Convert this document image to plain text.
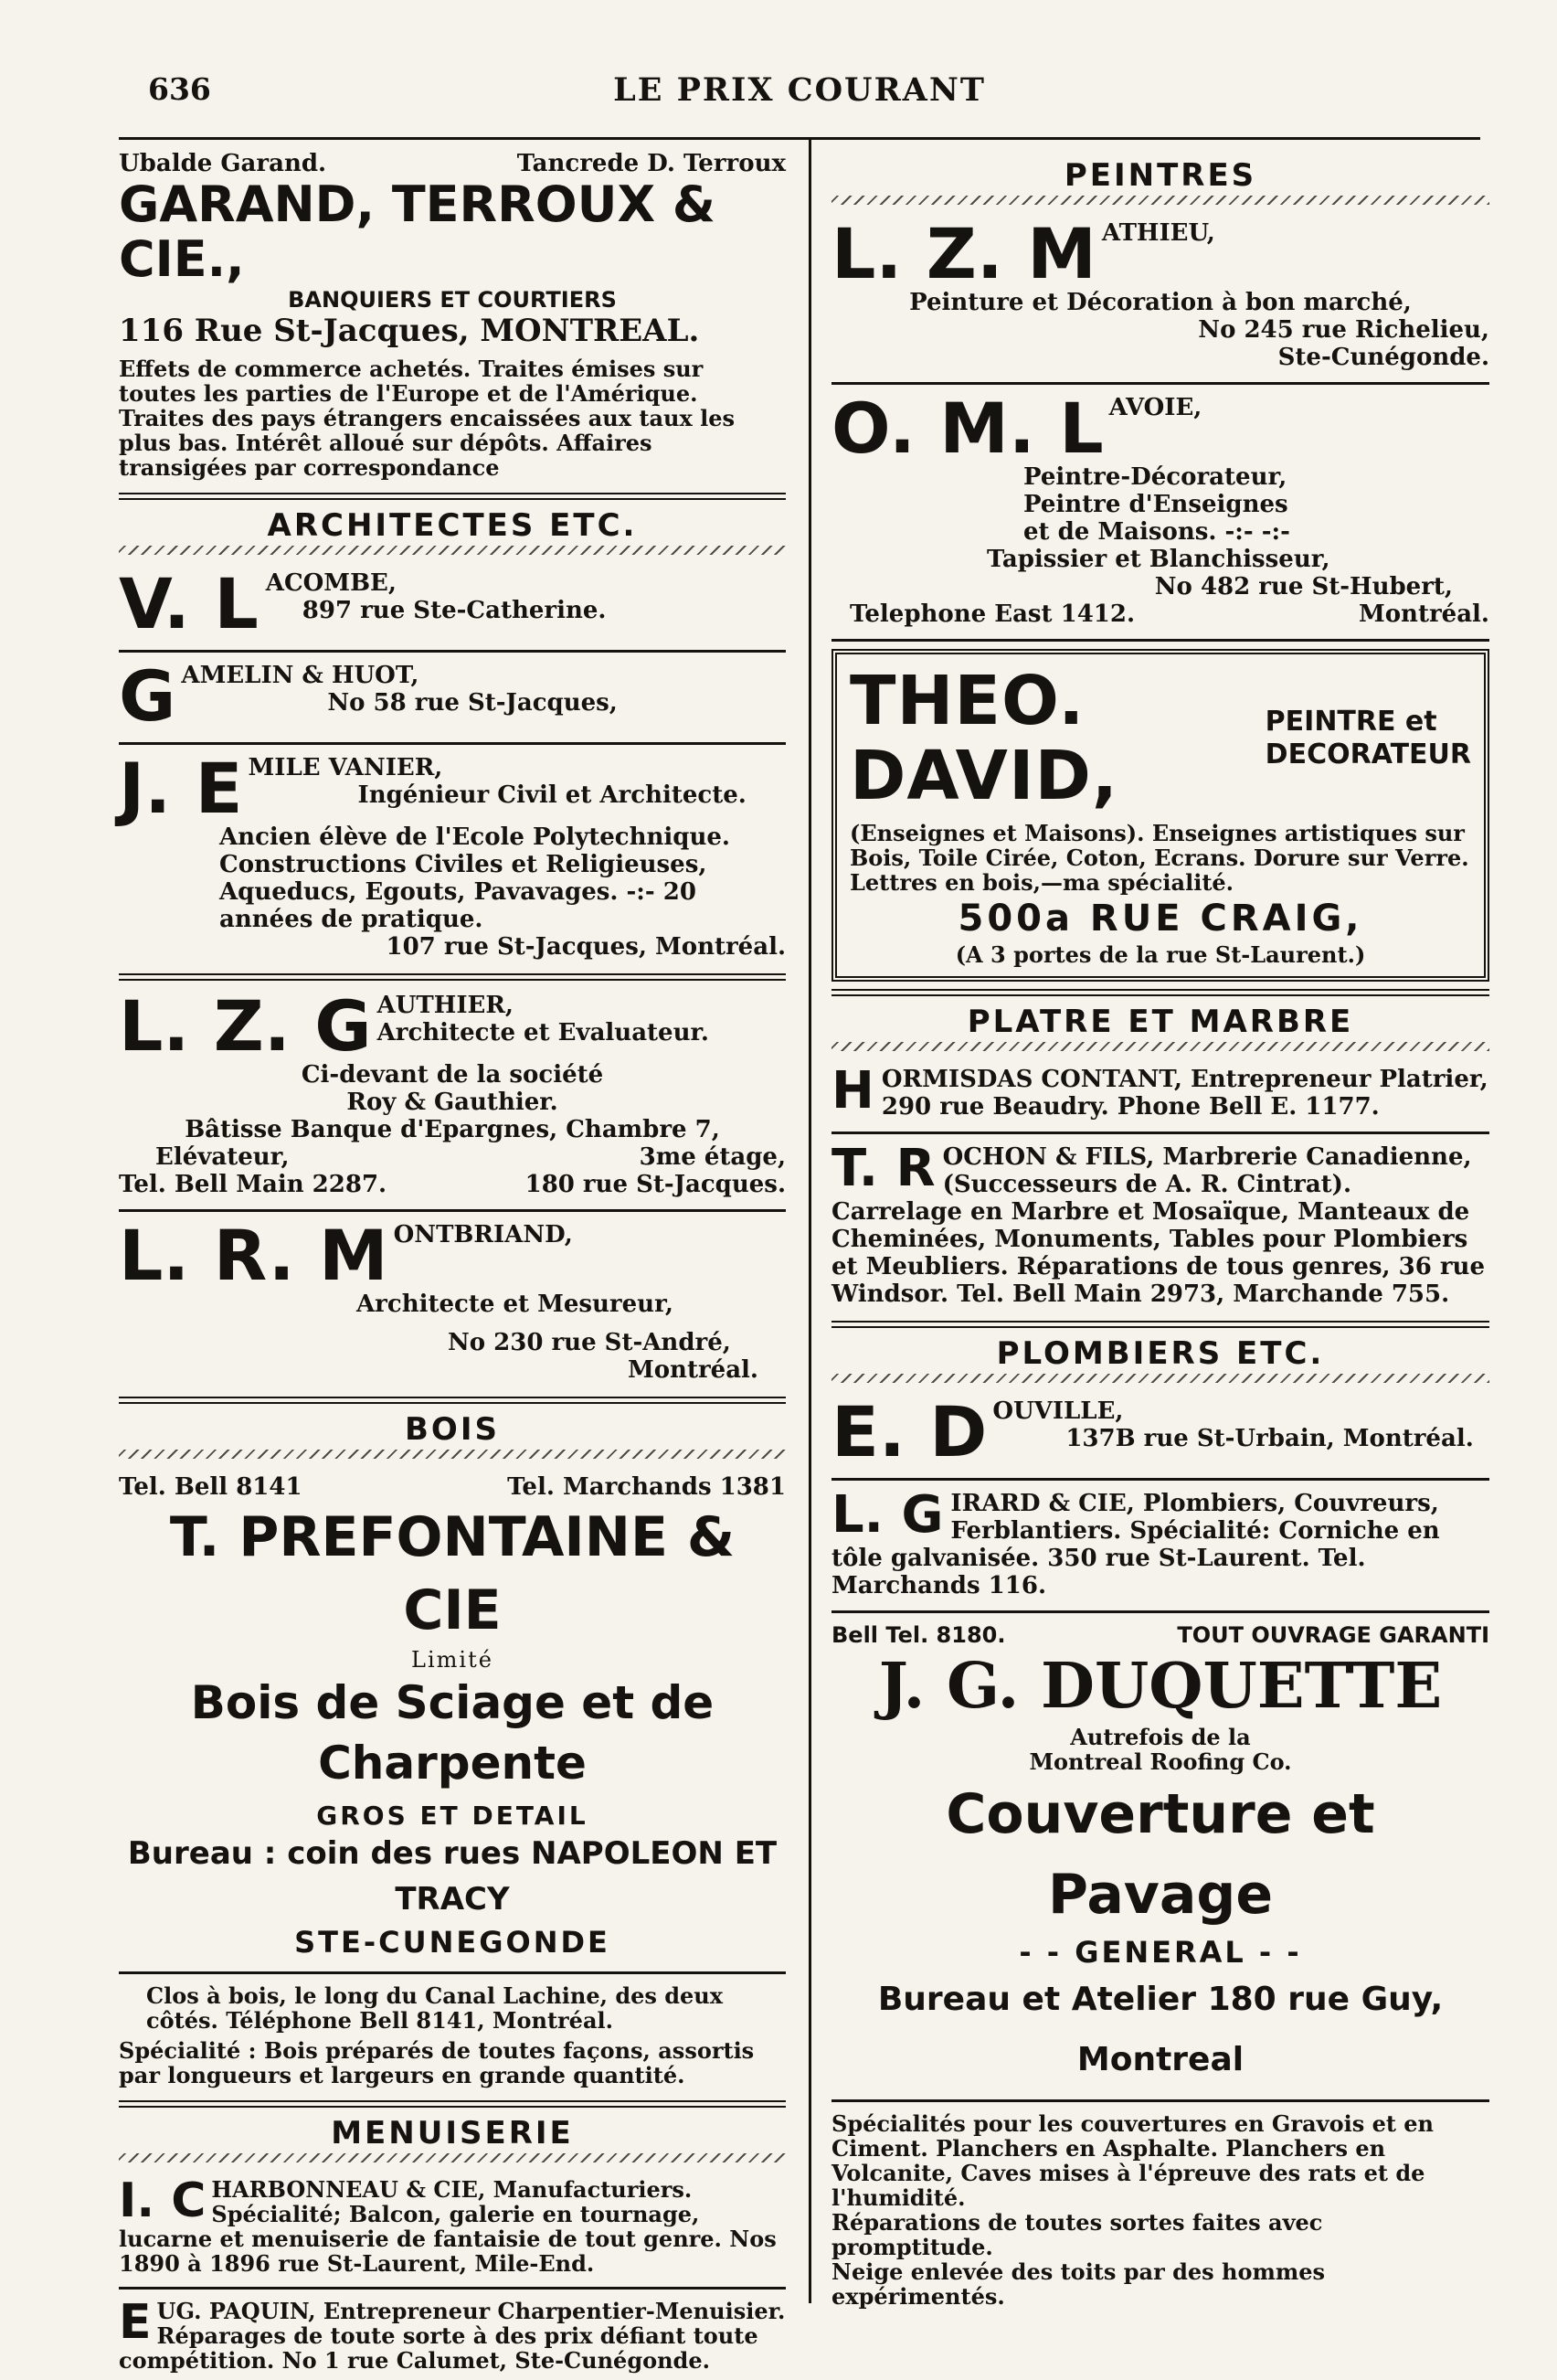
636	LE PRIX COURANT
Ubalde Garand.	Tancrede D. Terroux
GARAND, TERROUX & CIE.,
BANQUIERS ET COURTIERS
116 Rue St-Jacques, MONTREAL.
Effets de commerce achetés. Traites émises sur toutes les parties de l'Europe et de l'Amérique. Traites des pays étrangers encaissées aux taux les plus bas. Intérêt alloué sur dépôts. Affaires transigées par correspondance
ARCHITECTES ETC.
V. L ACOMBE,
897 rue Ste-Catherine.
G AMELIN & HUOT,
No 58 rue St-Jacques,
J. E MILE VANIER,
Ingénieur Civil et Architecte.
Ancien élève de l'Ecole Polytechnique. Constructions Civiles et Religieuses, Aqueducs, Egouts, Pavavages. -:- 20 années de pratique.
107 rue St-Jacques, Montréal.
L. Z. G AUTHIER,
Architecte et Evaluateur.
Ci-devant de la société
Roy & Gauthier.
Bâtisse Banque d'Epargnes, Chambre 7,
Elévateur,	3me étage,
Tel. Bell Main 2287.	180 rue St-Jacques.
L. R. M ONTBRIAND,
Architecte et Mesureur,
No 230 rue St-André,
Montréal.
BOIS
Tel. Bell 8141	Tel. Marchands 1381
T. PREFONTAINE & CIE
Limité
Bois de Sciage et de Charpente
GROS ET DETAIL
Bureau : coin des rues NAPOLEON ET TRACY
STE-CUNEGONDE
Clos à bois, le long du Canal Lachine, des deux côtés. Téléphone Bell 8141, Montréal.
Spécialité : Bois préparés de toutes façons, assortis par longueurs et largeurs en grande quantité.
MENUISERIE
I. C HARBONNEAU & CIE, Manufacturiers. Spécialité; Balcon, galerie en tournage, lucarne et menuiserie de fantaisie de tout genre. Nos 1890 à 1896 rue St-Laurent, Mile-End.
E UG. PAQUIN, Entrepreneur Charpentier-Menuisier. Réparages de toute sorte à des prix défiant toute compétition. No 1 rue Calumet, Ste-Cunégonde.
PEINTRES
L. Z. M ATHIEU,
Peinture et Décoration à bon marché,
No 245 rue Richelieu,
Ste-Cunégonde.
O. M. L AVOIE,
Peintre-Décorateur,
Peintre d'Enseignes
et de Maisons. -:- -:-
Tapissier et Blanchisseur,
No 482 rue St-Hubert,
Telephone East 1412.	Montréal.
THEO. DAVID,
PEINTRE et
DECORATEUR
(Enseignes et Maisons). Enseignes artistiques sur Bois, Toile Cirée, Coton, Ecrans. Dorure sur Verre. Lettres en bois,—ma spécialité.
500a RUE CRAIG,
(A 3 portes de la rue St-Laurent.)
PLATRE ET MARBRE
H ORMISDAS CONTANT, Entrepreneur Platrier, 290 rue Beaudry. Phone Bell E. 1177.
T. R OCHON & FILS, Marbrerie Canadienne, (Successeurs de A. R. Cintrat). Carrelage en Marbre et Mosaïque, Manteaux de Cheminées, Monuments, Tables pour Plombiers et Meubliers. Réparations de tous genres, 36 rue Windsor. Tel. Bell Main 2973, Marchande 755.
PLOMBIERS ETC.
E. D OUVILLE,
137B rue St-Urbain, Montréal.
L. G IRARD & CIE, Plombiers, Couvreurs, Ferblantiers. Spécialité: Corniche en tôle galvanisée. 350 rue St-Laurent. Tel. Marchands 116.
Bell Tel. 8180.	TOUT OUVRAGE GARANTI
J. G. DUQUETTE
Autrefois de la
Montreal Roofing Co.
Couverture et Pavage
- - GENERAL - -
Bureau et Atelier 180 rue Guy, Montreal
Spécialités pour les couvertures en Gravois et en Ciment. Planchers en Asphalte. Planchers en Volcanite, Caves mises à l'épreuve des rats et de l'humidité.
Réparations de toutes sortes faites avec promptitude.
Neige enlevée des toits par des hommes expérimentés.
